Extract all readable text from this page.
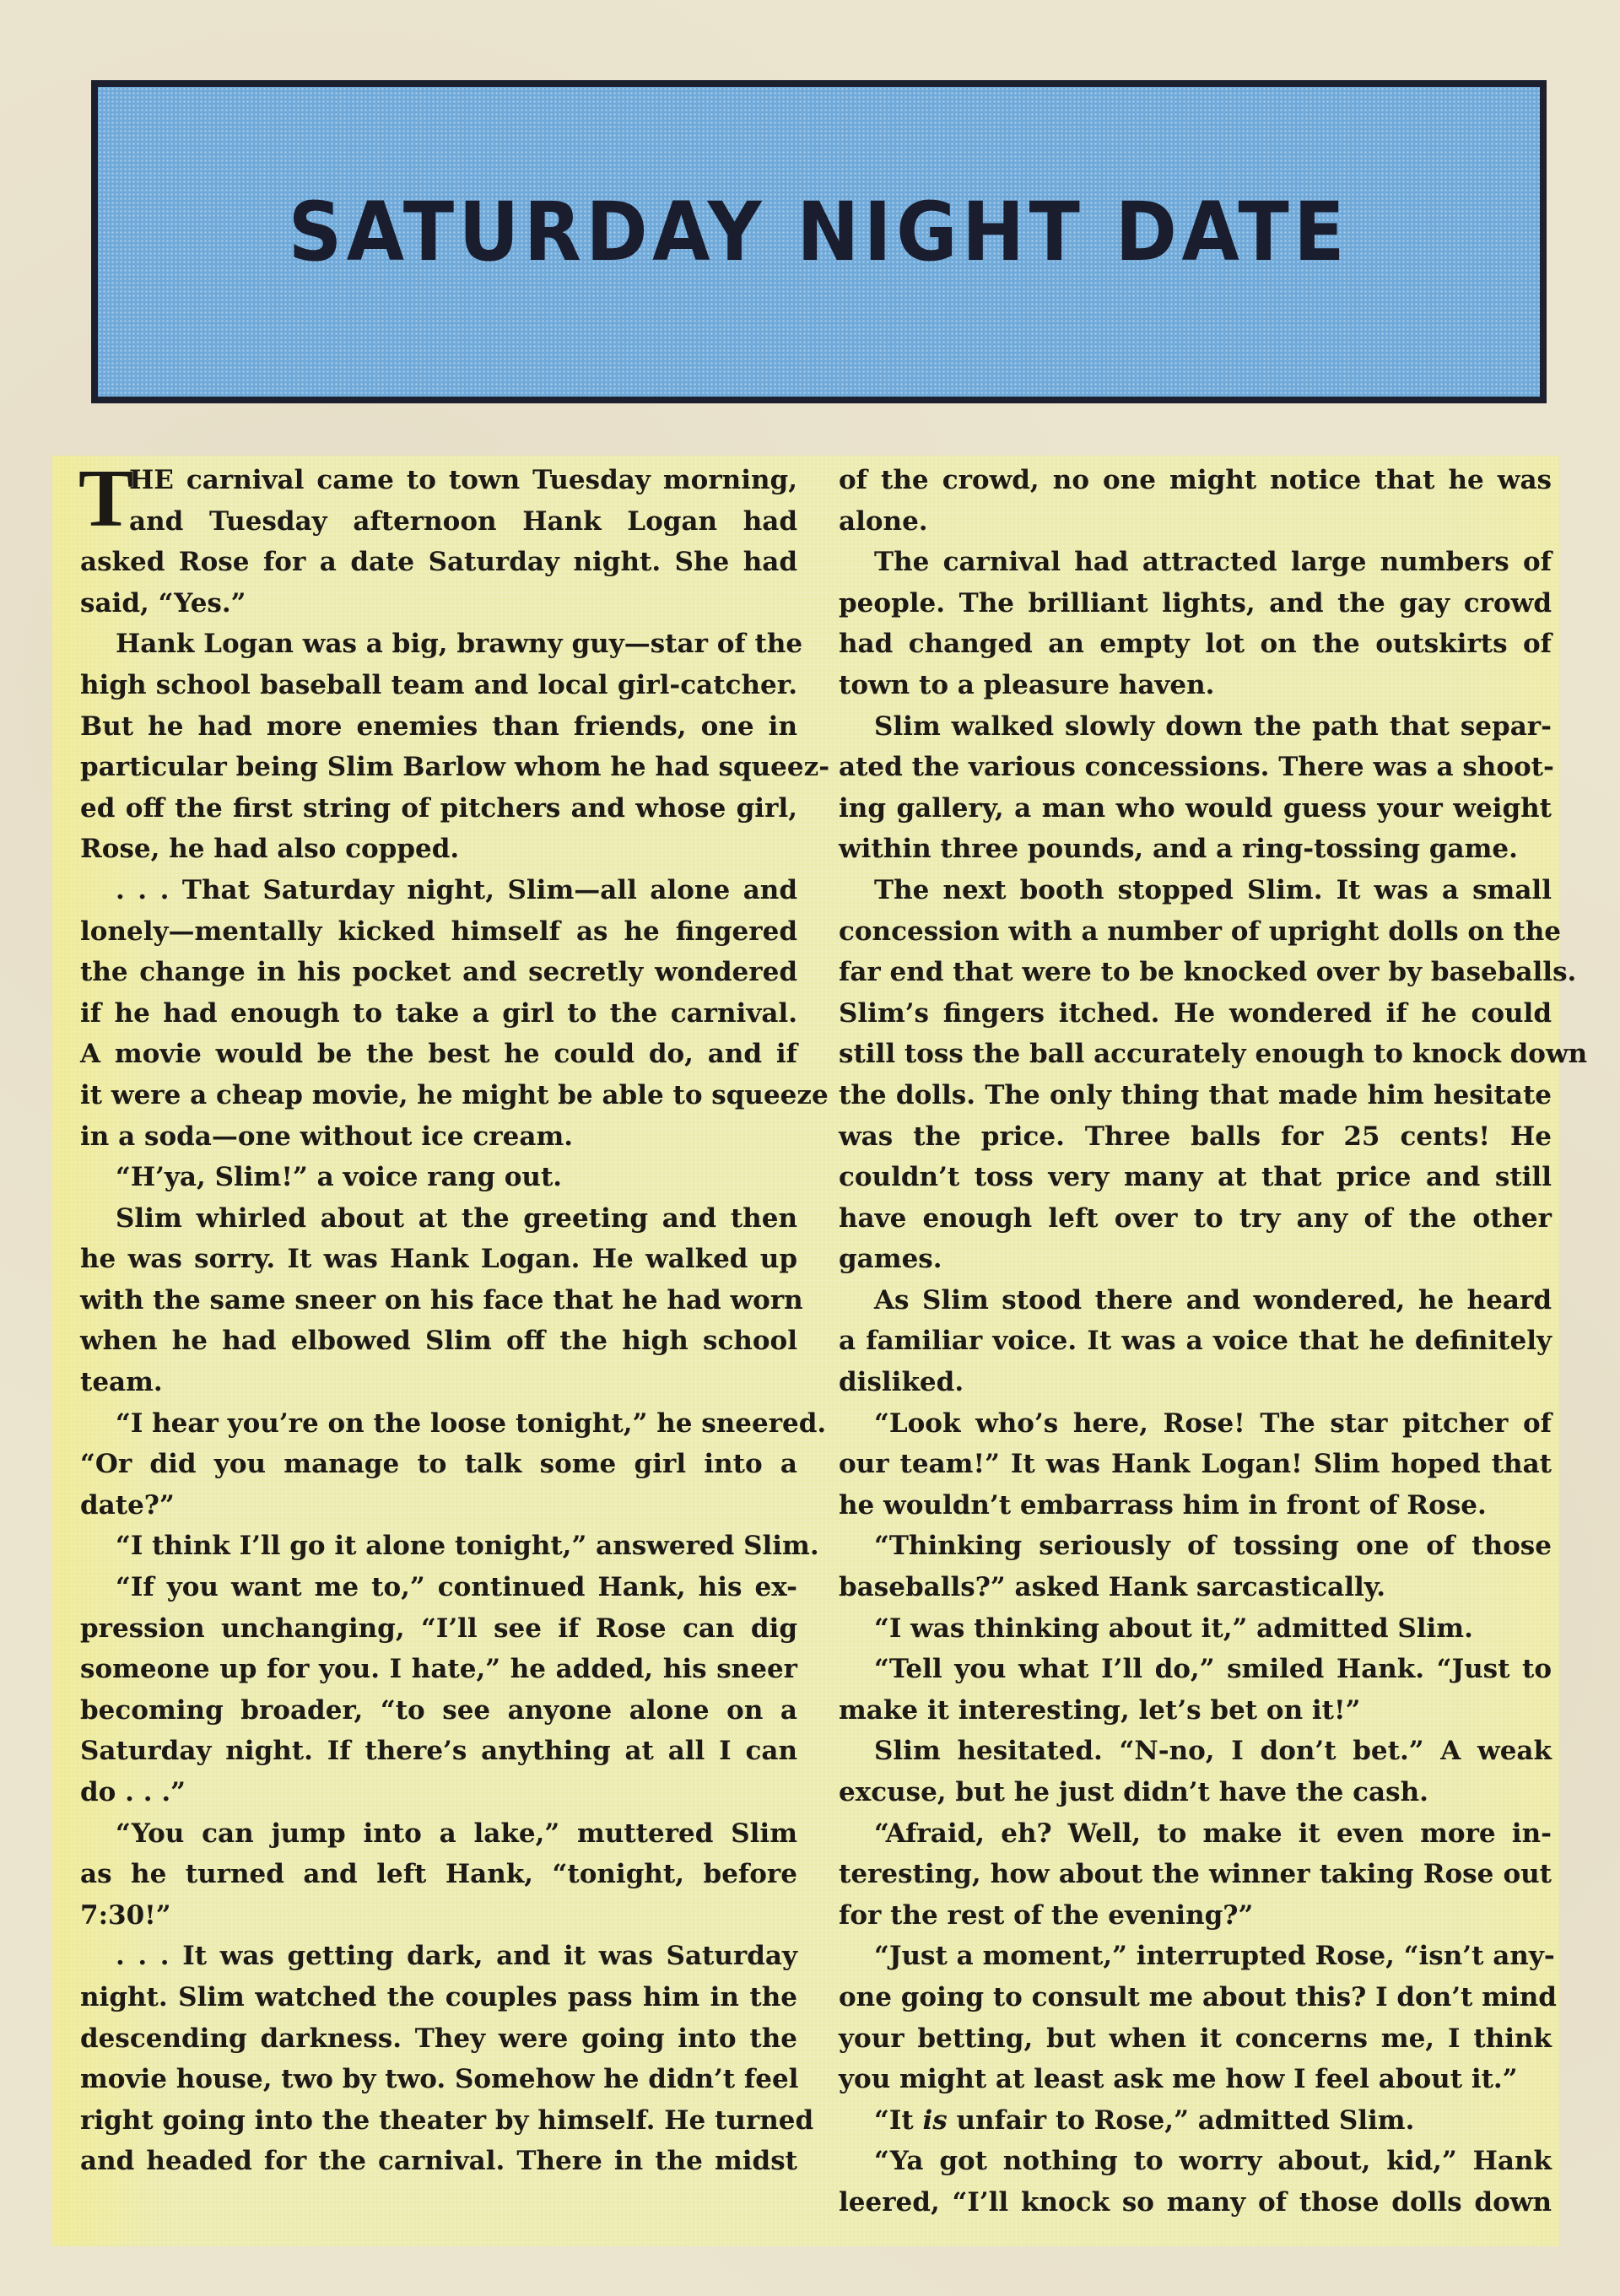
SATURDAY NIGHT DATE
T
HE carnival came to town Tuesday morning,
and Tuesday afternoon Hank Logan had
asked Rose for a date Saturday night. She had
said, “Yes.”
Hank Logan was a big, brawny guy—star of the
high school baseball team and local girl-catcher.
But he had more enemies than friends, one in
particular being Slim Barlow whom he had squeez-
ed off the first string of pitchers and whose girl,
Rose, he had also copped.
. . . That Saturday night, Slim—all alone and
lonely—mentally kicked himself as he fingered
the change in his pocket and secretly wondered
if he had enough to take a girl to the carnival.
A movie would be the best he could do, and if
it were a cheap movie, he might be able to squeeze
in a soda—one without ice cream.
“H’ya, Slim!” a voice rang out.
Slim whirled about at the greeting and then
he was sorry. It was Hank Logan. He walked up
with the same sneer on his face that he had worn
when he had elbowed Slim off the high school
team.
“I hear you’re on the loose tonight,” he sneered.
“Or did you manage to talk some girl into a
date?”
“I think I’ll go it alone tonight,” answered Slim.
“If you want me to,” continued Hank, his ex-
pression unchanging, “I’ll see if Rose can dig
someone up for you. I hate,” he added, his sneer
becoming broader, “to see anyone alone on a
Saturday night. If there’s anything at all I can
do . . .”
“You can jump into a lake,” muttered Slim
as he turned and left Hank, “tonight, before
7:30!”
. . . It was getting dark, and it was Saturday
night. Slim watched the couples pass him in the
descending darkness. They were going into the
movie house, two by two. Somehow he didn’t feel
right going into the theater by himself. He turned
and headed for the carnival. There in the midst
of the crowd, no one might notice that he was
alone.
The carnival had attracted large numbers of
people. The brilliant lights, and the gay crowd
had changed an empty lot on the outskirts of
town to a pleasure haven.
Slim walked slowly down the path that separ-
ated the various concessions. There was a shoot-
ing gallery, a man who would guess your weight
within three pounds, and a ring-tossing game.
The next booth stopped Slim. It was a small
concession with a number of upright dolls on the
far end that were to be knocked over by baseballs.
Slim’s fingers itched. He wondered if he could
still toss the ball accurately enough to knock down
the dolls. The only thing that made him hesitate
was the price. Three balls for 25 cents! He
couldn’t toss very many at that price and still
have enough left over to try any of the other
games.
As Slim stood there and wondered, he heard
a familiar voice. It was a voice that he definitely
disliked.
“Look who’s here, Rose! The star pitcher of
our team!” It was Hank Logan! Slim hoped that
he wouldn’t embarrass him in front of Rose.
“Thinking seriously of tossing one of those
baseballs?” asked Hank sarcastically.
“I was thinking about it,” admitted Slim.
“Tell you what I’ll do,” smiled Hank. “Just to
make it interesting, let’s bet on it!”
Slim hesitated. “N-no, I don’t bet.” A weak
excuse, but he just didn’t have the cash.
“Afraid, eh? Well, to make it even more in-
teresting, how about the winner taking Rose out
for the rest of the evening?”
“Just a moment,” interrupted Rose, “isn’t any-
one going to consult me about this? I don’t mind
your betting, but when it concerns me, I think
you might at least ask me how I feel about it.”
“It is unfair to Rose,” admitted Slim.
“Ya got nothing to worry about, kid,” Hank
leered, “I’ll knock so many of those dolls down
